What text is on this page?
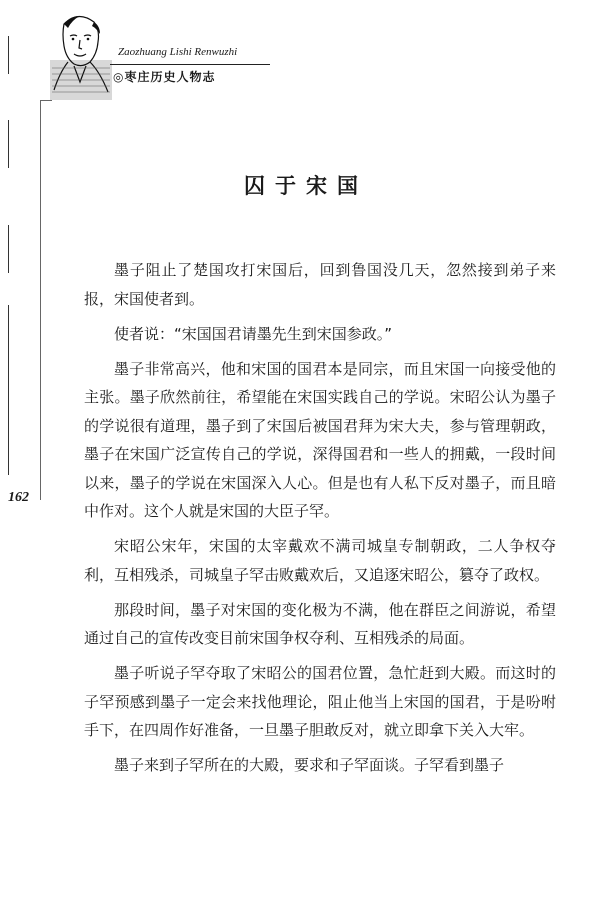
Zaozhuang Lishi Renwuzhi
◎枣庄历史人物志
162
囚于宋国

墨子阻止了楚国攻打宋国后，回到鲁国没几天，忽然接到弟子来报，宋国使者到。

使者说：“宋国国君请墨先生到宋国参政。”

墨子非常高兴，他和宋国的国君本是同宗，而且宋国一向接受他的主张。墨子欣然前往，希望能在宋国实践自己的学说。宋昭公认为墨子的学说很有道理，墨子到了宋国后被国君拜为宋大夫，参与管理朝政，墨子在宋国广泛宣传自己的学说，深得国君和一些人的拥戴，一段时间以来，墨子的学说在宋国深入人心。但是也有人私下反对墨子，而且暗中作对。这个人就是宋国的大臣子罕。

宋昭公宋年，宋国的太宰戴欢不满司城皇专制朝政，二人争权夺利，互相残杀，司城皇子罕击败戴欢后，又追逐宋昭公，篡夺了政权。

那段时间，墨子对宋国的变化极为不满，他在群臣之间游说，希望通过自己的宣传改变目前宋国争权夺利、互相残杀的局面。

墨子听说子罕夺取了宋昭公的国君位置，急忙赶到大殿。而这时的子罕预感到墨子一定会来找他理论，阻止他当上宋国的国君，于是吩咐手下，在四周作好准备，一旦墨子胆敢反对，就立即拿下关入大牢。

墨子来到子罕所在的大殿，要求和子罕面谈。子罕看到墨子
